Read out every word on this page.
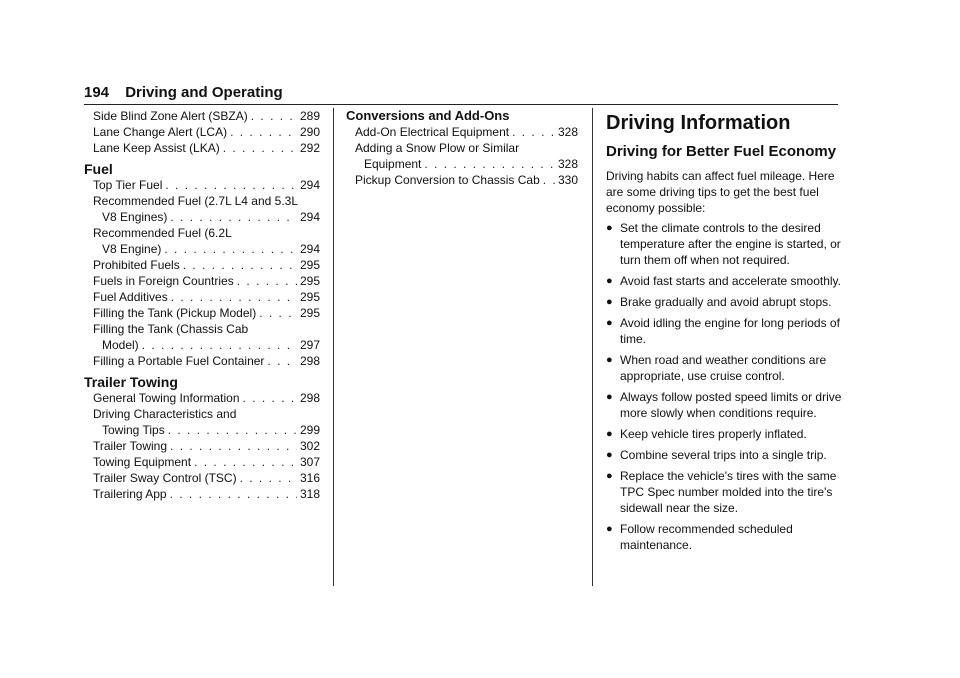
194 Driving and Operating
Side Blind Zone Alert (SBZA) . . .	289
Lane Change Alert (LCA) . . .	290
Lane Keep Assist (LKA) . . .	292
Fuel
Top Tier Fuel . . .	294
Recommended Fuel (2.7L L4 and 5.3L
V8 Engines) . . .	294
Recommended Fuel (6.2L
V8 Engine) . . .	294
Prohibited Fuels . . .	295
Fuels in Foreign Countries . . .	295
Fuel Additives . . .	295
Filling the Tank (Pickup Model) . . .	295
Filling the Tank (Chassis Cab
Model) . . .	297
Filling a Portable Fuel Container . . .	298
Trailer Towing
General Towing Information . . .	298
Driving Characteristics and
Towing Tips . . .	299
Trailer Towing . . .	302
Towing Equipment . . .	307
Trailer Sway Control (TSC) . . .	316
Trailering App . . .	318
Conversions and Add-Ons
Add-On Electrical Equipment . . .	328
Adding a Snow Plow or Similar
Equipment . . .	328
Pickup Conversion to Chassis Cab . . . 330
Driving Information
Driving for Better Fuel Economy

Driving habits can affect fuel mileage. Here are some driving tips to get the best fuel economy possible:

● Set the climate controls to the desired temperature after the engine is started, or turn them off when not required.
● Avoid fast starts and accelerate smoothly.
● Brake gradually and avoid abrupt stops.
● Avoid idling the engine for long periods of time.
● When road and weather conditions are appropriate, use cruise control.
● Always follow posted speed limits or drive more slowly when conditions require.
● Keep vehicle tires properly inflated.
● Combine several trips into a single trip.
● Replace the vehicle's tires with the same TPC Spec number molded into the tire's sidewall near the size.
● Follow recommended scheduled maintenance.
